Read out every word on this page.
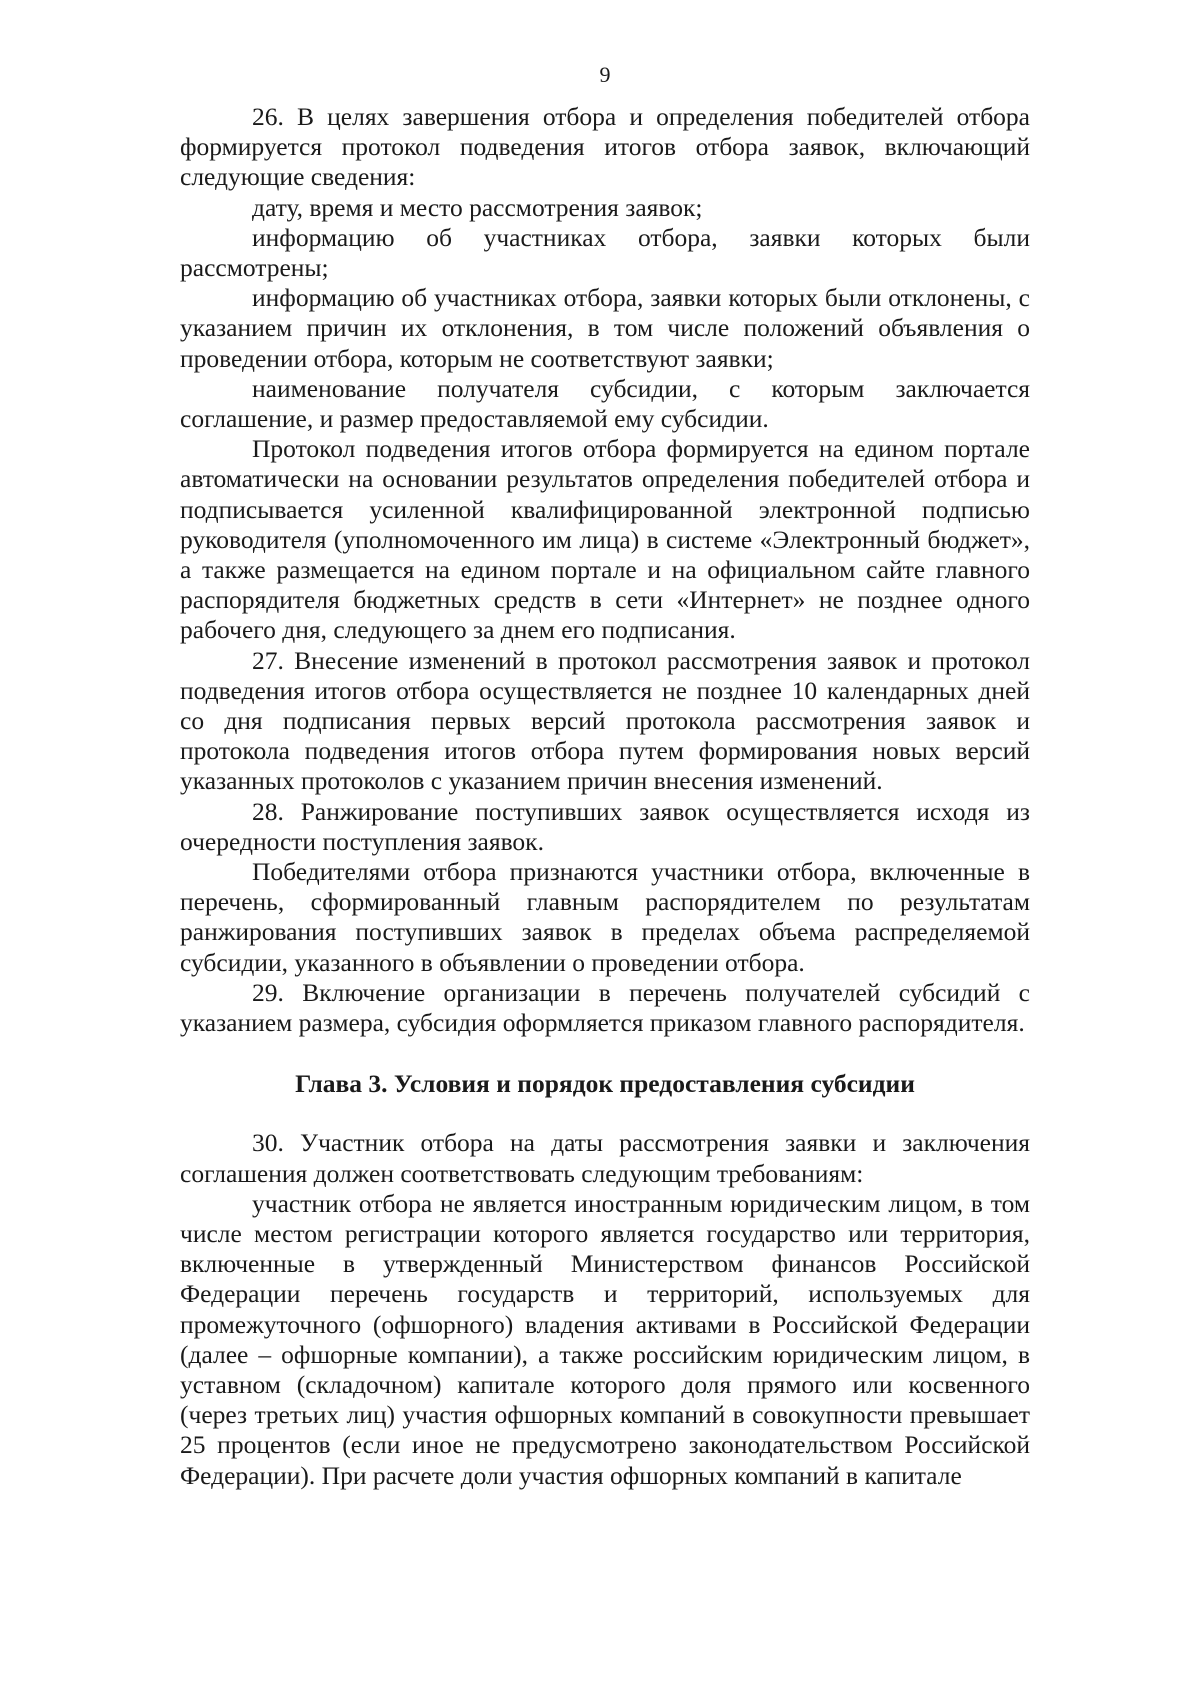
9

26. В целях завершения отбора и определения победителей отбора формируется протокол подведения итогов отбора заявок, включающий следующие сведения:

дату, время и место рассмотрения заявок;

информацию об участниках отбора, заявки которых были рассмотрены;

информацию об участниках отбора, заявки которых были отклонены, с указанием причин их отклонения, в том числе положений объявления о проведении отбора, которым не соответствуют заявки;

наименование получателя субсидии, с которым заключается соглашение, и размер предоставляемой ему субсидии.

Протокол подведения итогов отбора формируется на едином портале автоматически на основании результатов определения победителей отбора и подписывается усиленной квалифицированной электронной подписью руководителя (уполномоченного им лица) в системе «Электронный бюджет», а также размещается на едином портале и на официальном сайте главного распорядителя бюджетных средств в сети «Интернет» не позднее одного рабочего дня, следующего за днем его подписания.

27. Внесение изменений в протокол рассмотрения заявок и протокол подведения итогов отбора осуществляется не позднее 10 календарных дней со дня подписания первых версий протокола рассмотрения заявок и протокола подведения итогов отбора путем формирования новых версий указанных протоколов с указанием причин внесения изменений.

28. Ранжирование поступивших заявок осуществляется исходя из очередности поступления заявок.

Победителями отбора признаются участники отбора, включенные в перечень, сформированный главным распорядителем по результатам ранжирования поступивших заявок в пределах объема распределяемой субсидии, указанного в объявлении о проведении отбора.

29. Включение организации в перечень получателей субсидий с указанием размера, субсидия оформляется приказом главного распорядителя.

Глава 3. Условия и порядок предоставления субсидии

30. Участник отбора на даты рассмотрения заявки и заключения соглашения должен соответствовать следующим требованиям:

участник отбора не является иностранным юридическим лицом, в том числе местом регистрации которого является государство или территория, включенные в утвержденный Министерством финансов Российской Федерации перечень государств и территорий, используемых для промежуточного (офшорного) владения активами в Российской Федерации (далее – офшорные компании), а также российским юридическим лицом, в уставном (складочном) капитале которого доля прямого или косвенного (через третьих лиц) участия офшорных компаний в совокупности превышает 25 процентов (если иное не предусмотрено законодательством Российской Федерации). При расчете доли участия офшорных компаний в капитале
